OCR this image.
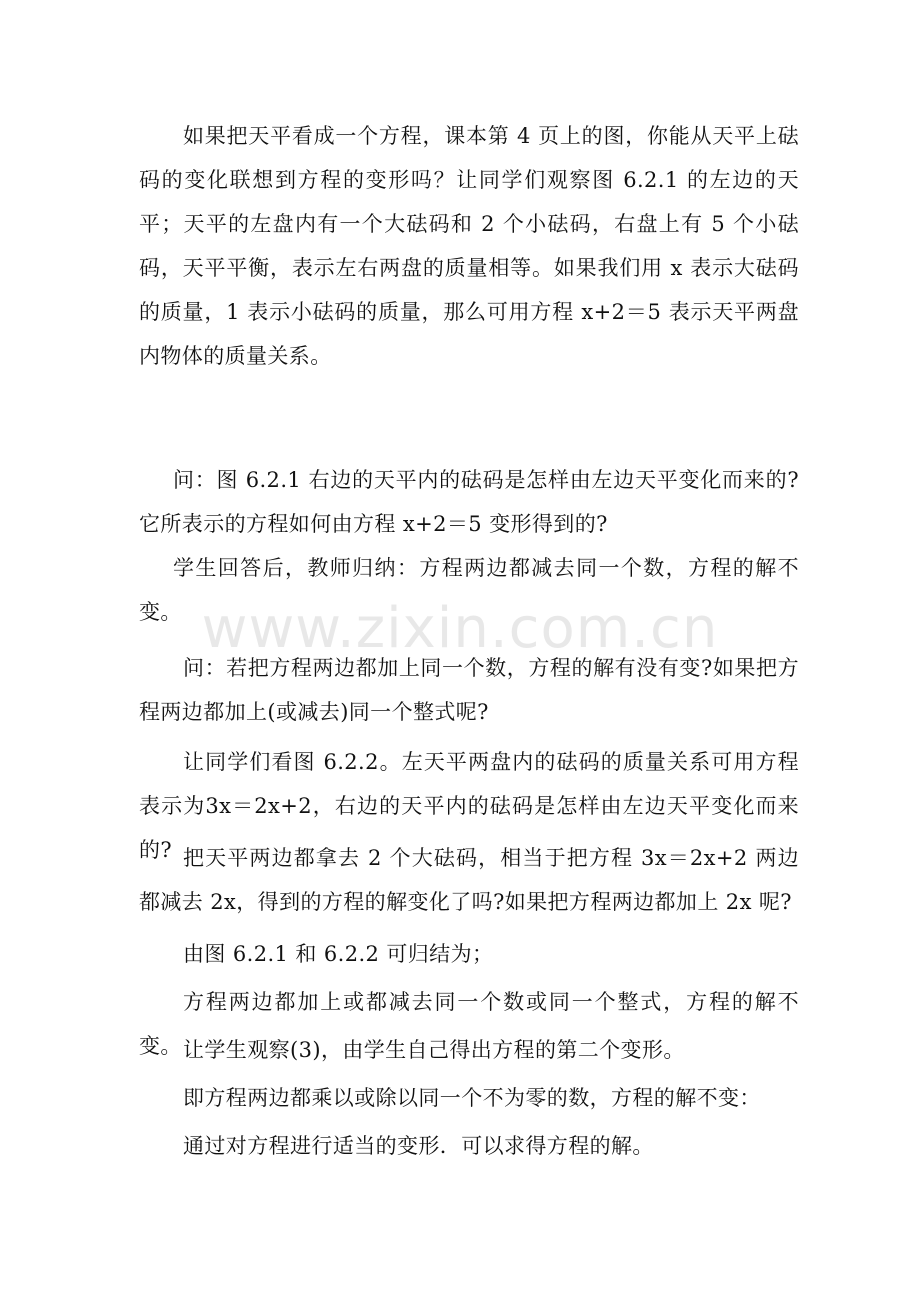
如果把天平看成一个方程，课本第 4 页上的图，你能从天平上砝码的变化联想到方程的变形吗？让同学们观察图 6.2.1 的左边的天平；天平的左盘内有一个大砝码和 2 个小砝码，右盘上有 5 个小砝码，天平平衡，表示左右两盘的质量相等。如果我们用 x 表示大砝码的质量，1 表示小砝码的质量，那么可用方程 x+2＝5 表示天平两盘内物体的质量关系。

问：图 6.2.1 右边的天平内的砝码是怎样由左边天平变化而来的?它所表示的方程如何由方程 x+2＝5 变形得到的?

学生回答后，教师归纳：方程两边都减去同一个数，方程的解不变。

问：若把方程两边都加上同一个数，方程的解有没有变?如果把方程两边都加上(或减去)同一个整式呢?

让同学们看图 6.2.2。左天平两盘内的砝码的质量关系可用方程表示为3x＝2x+2，右边的天平内的砝码是怎样由左边天平变化而来的? 把天平两边都拿去 2 个大砝码，相当于把方程 3x＝2x+2 两边都减去 2x，得到的方程的解变化了吗?如果把方程两边都加上 2x 呢?

由图 6.2.1 和 6.2.2 可归结为；

方程两边都加上或都减去同一个数或同一个整式，方程的解不变。 让学生观察(3)，由学生自己得出方程的第二个变形。

即方程两边都乘以或除以同一个不为零的数，方程的解不变：

通过对方程进行适当的变形．可以求得方程的解。

www.zixin.com.cn
